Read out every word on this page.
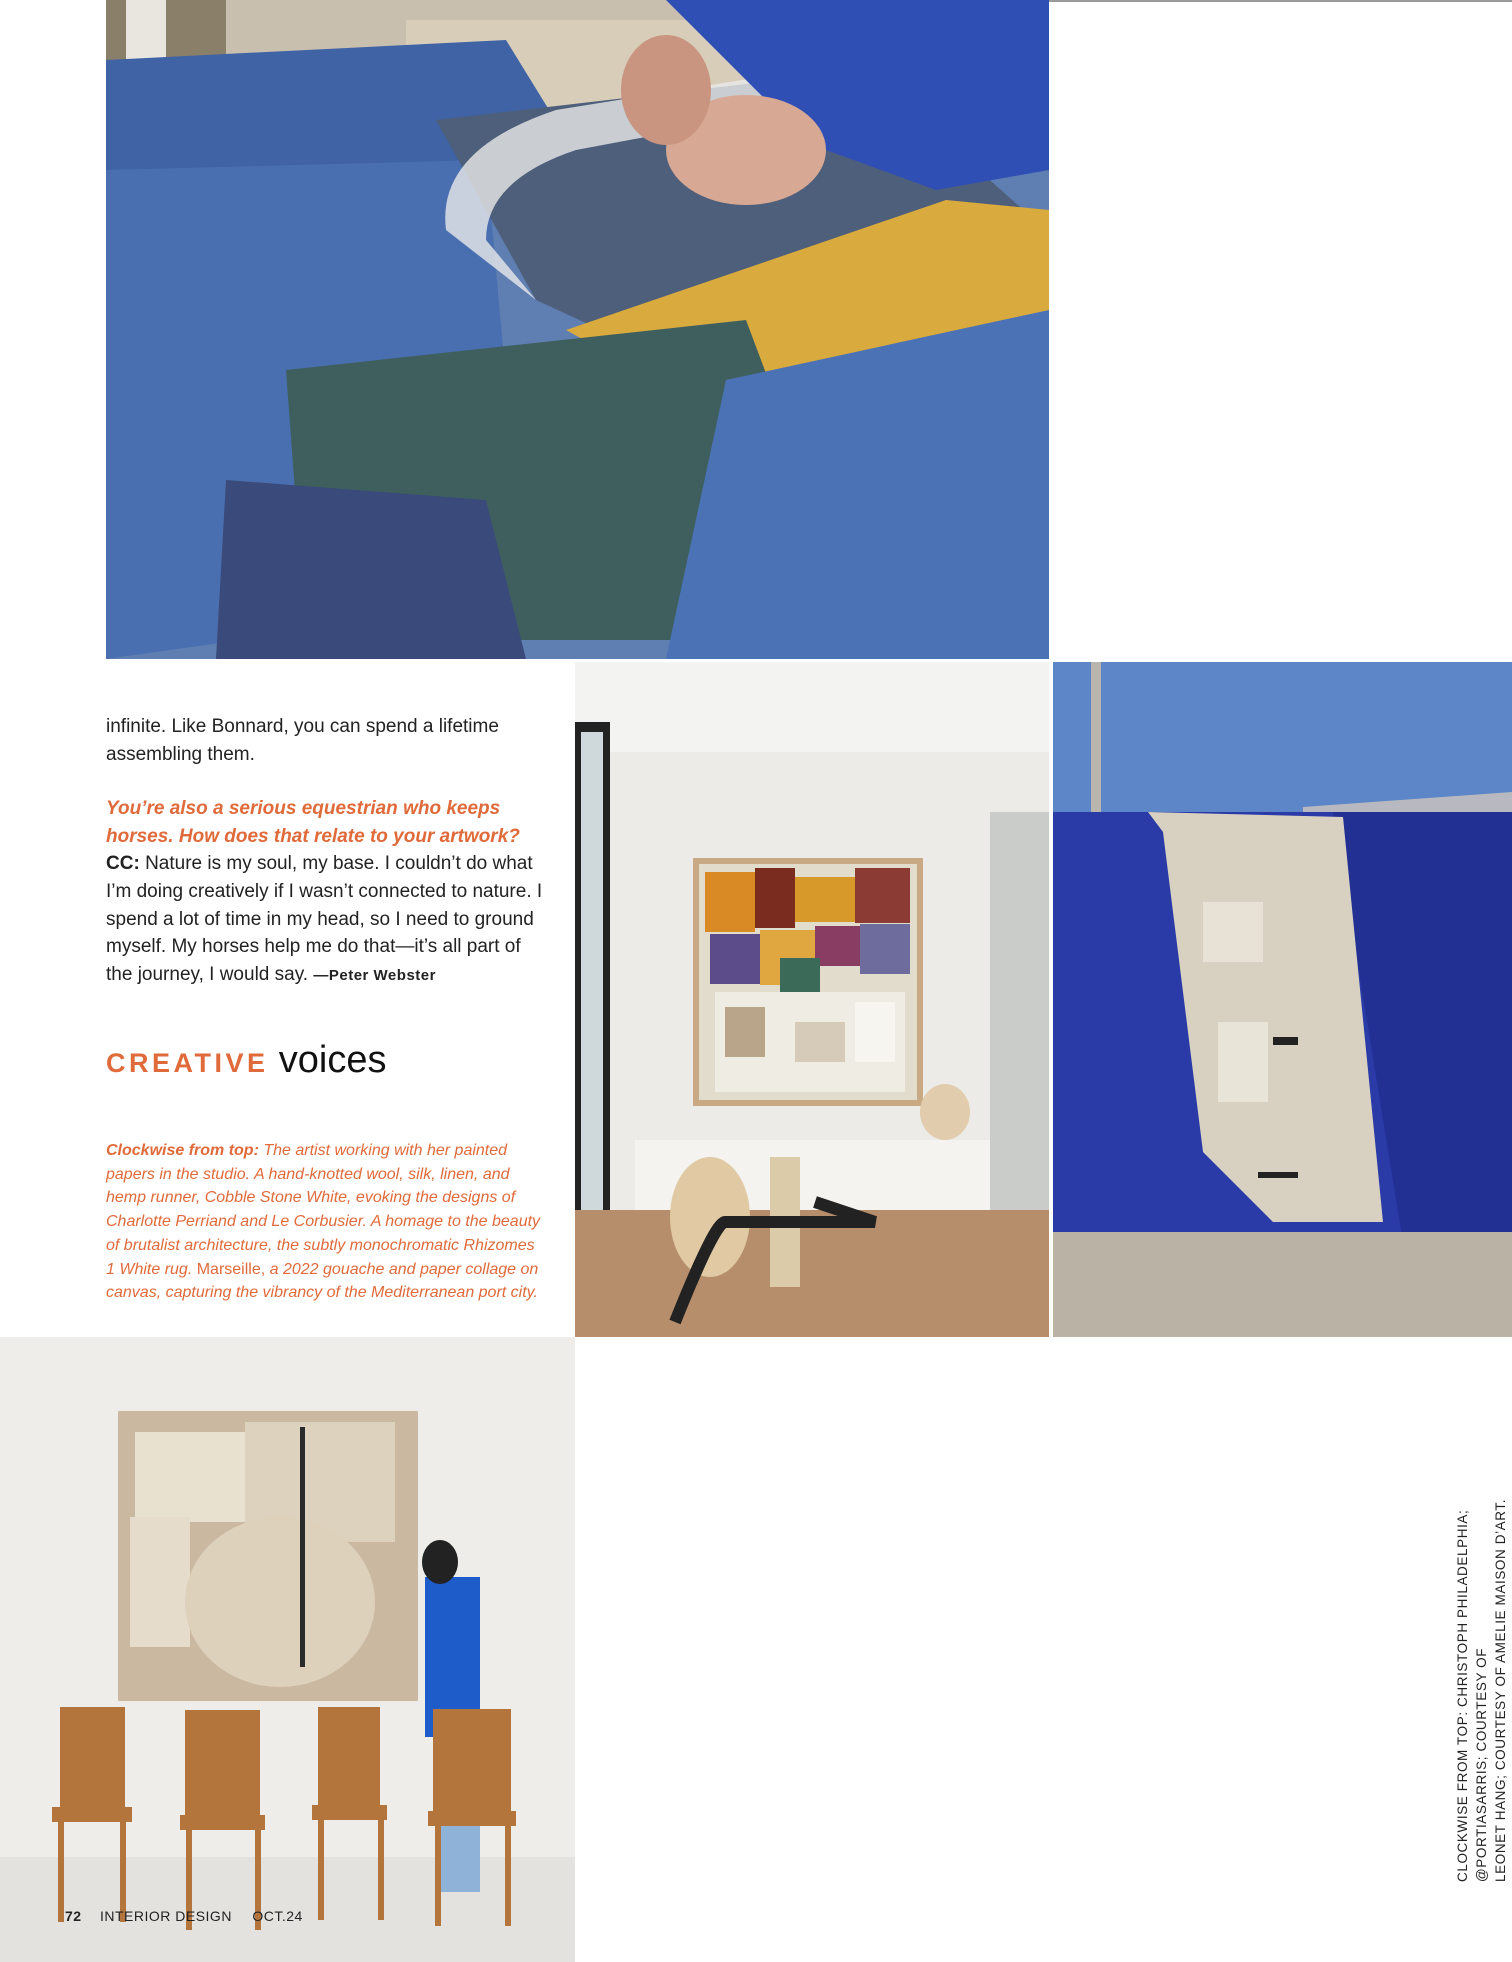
infinite. Like Bonnard, you can spend a lifetime assembling them.

You’re also a serious equestrian who keeps horses. How does that relate to your artwork?

CC: Nature is my soul, my base. I couldn’t do what I’m doing creatively if I wasn’t connected to nature. I spend a lot of time in my head, so I need to ground myself. My horses help me do that—it’s all part of the journey, I would say. —Peter Webster

CREATIVE voices
Clockwise from top: The artist working with her painted papers in the studio. A hand-knotted wool, silk, linen, and hemp runner, Cobble Stone White, evoking the designs of Charlotte Perriand and Le Corbusier. A homage to the beauty of brutalist architecture, the subtly monochromatic Rhizomes 1 White rug. Marseille, a 2022 gouache and paper collage on canvas, capturing the vibrancy of the Mediterranean port city.
72 INTERIOR DESIGN OCT.24
CLOCKWISE FROM TOP: CHRISTOPH PHILADELPHIA; @PORTIASARRIS; COURTESY OF LEONET HANG; COURTESY OF AMELIE MAISON D’ART.
